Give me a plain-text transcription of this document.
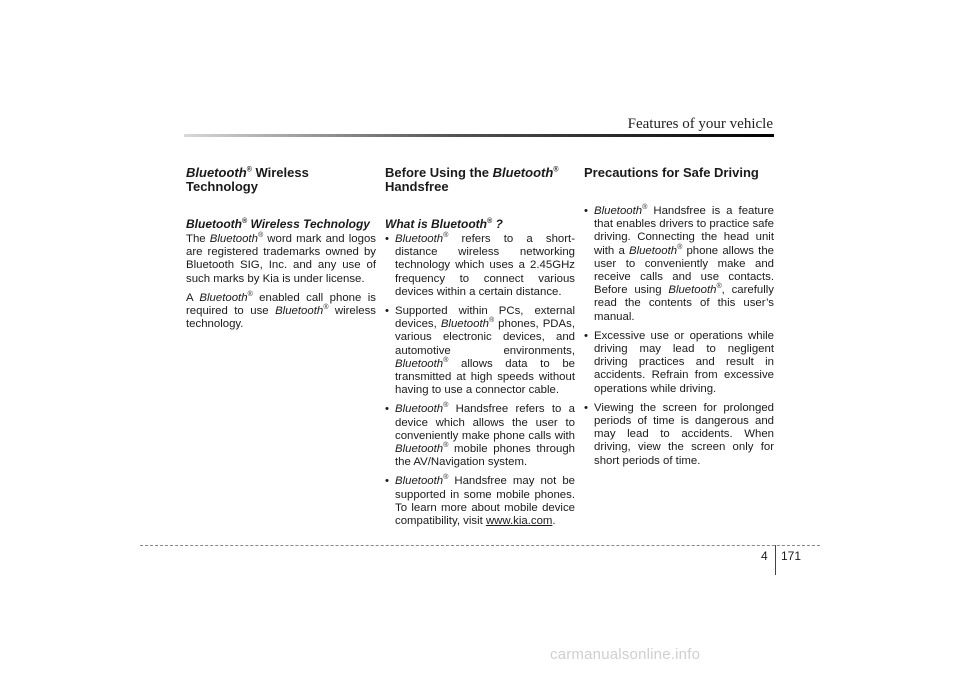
Features of your vehicle
Bluetooth® Wireless
Technology
Bluetooth® Wireless Technology

The Bluetooth® word mark and logos are registered trademarks owned by Bluetooth SIG, Inc. and any use of such marks by Kia is under license.

A Bluetooth® enabled call phone is required to use Bluetooth® wireless technology.

Before Using the Bluetooth®
Handsfree
What is Bluetooth® ?
• Bluetooth® refers to a short-distance wireless networking technology which uses a 2.45GHz frequency to connect various devices within a certain distance.
• Supported within PCs, external devices, Bluetooth® phones, PDAs, various electronic devices, and automotive environments, Bluetooth® allows data to be transmitted at high speeds without having to use a connector cable.
• Bluetooth® Handsfree refers to a device which allows the user to conveniently make phone calls with Bluetooth® mobile phones through the AV/Navigation system.
• Bluetooth® Handsfree may not be supported in some mobile phones. To learn more about mobile device compatibility, visit www.kia.com.
Precautions for Safe Driving
• Bluetooth® Handsfree is a feature that enables drivers to practice safe driving. Connecting the head unit with a Bluetooth® phone allows the user to conveniently make and receive calls and use contacts. Before using Bluetooth®, carefully read the contents of this user’s manual.
• Excessive use or operations while driving may lead to negligent driving practices and result in accidents. Refrain from excessive operations while driving.
• Viewing the screen for prolonged periods of time is dangerous and may lead to accidents. When driving, view the screen only for short periods of time.
4 171
carmanualsonline.info
